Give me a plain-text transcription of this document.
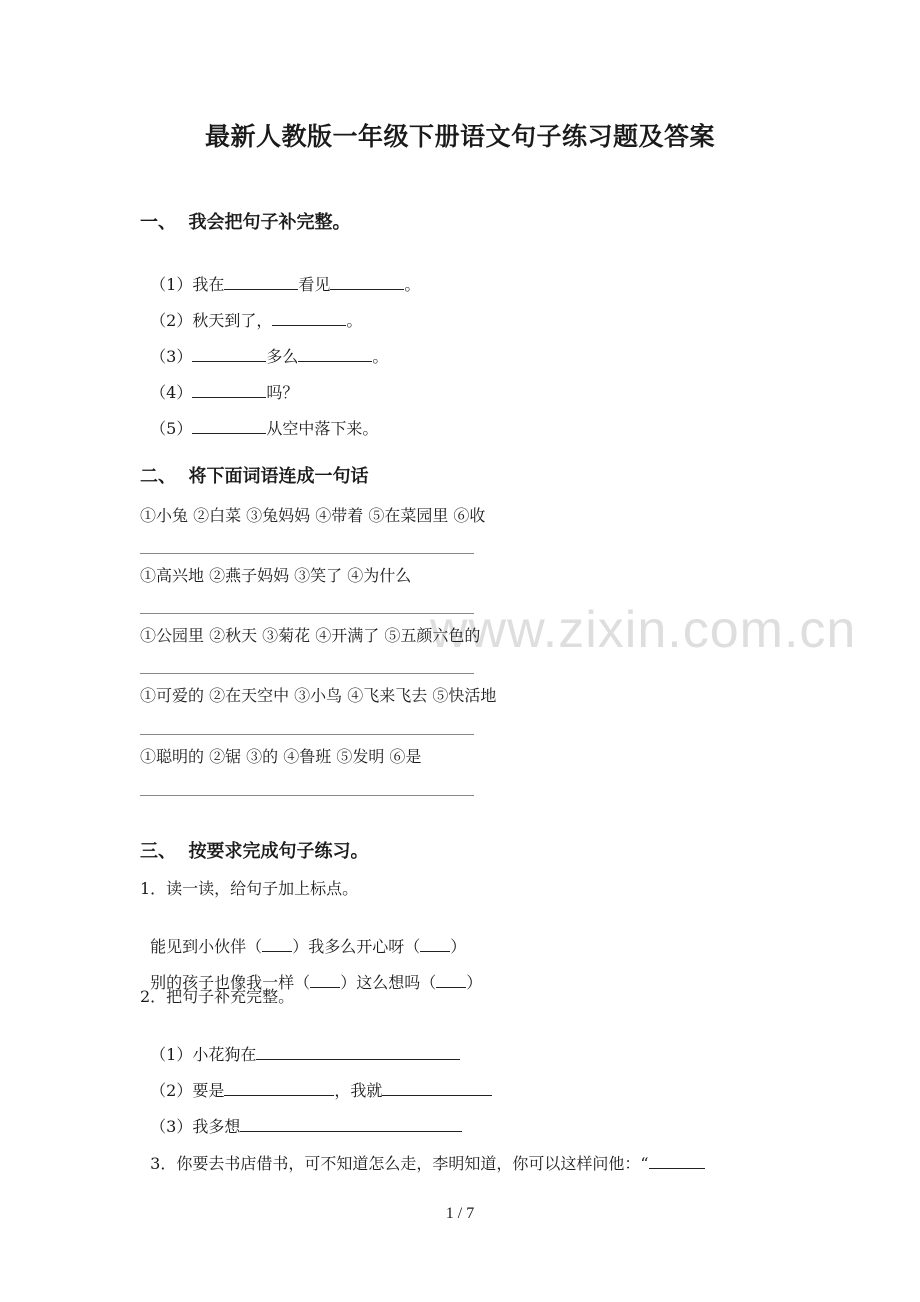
www.zixin.com.cn
最新人教版一年级下册语文句子练习题及答案
一、  我会把句子补完整。

（1）我在	看见	。

（2）秋天到了，	。

（3）	多么	。

（4）	吗？

（5）	从空中落下来。

二、  将下面词语连成一句话
①小兔 ②白菜 ③兔妈妈 ④带着 ⑤在菜园里 ⑥收
①高兴地 ②燕子妈妈 ③笑了 ④为什么
①公园里 ②秋天 ③菊花 ④开满了 ⑤五颜六色的
①可爱的 ②在天空中 ③小鸟 ④飞来飞去 ⑤快活地
①聪明的 ②锯 ③的 ④鲁班 ⑤发明 ⑥是
三、  按要求完成句子练习。
1．读一读，给句子加上标点。

能见到小伙伴（ ）我多么开心呀（ ）

别的孩子也像我一样（ ）这么想吗（ ）

2．把句子补充完整。

（1）小花狗在

（2）要是	，我就

（3）我多想

3．你要去书店借书，可不知道怎么走，李明知道，你可以这样问他：“

1 / 7
